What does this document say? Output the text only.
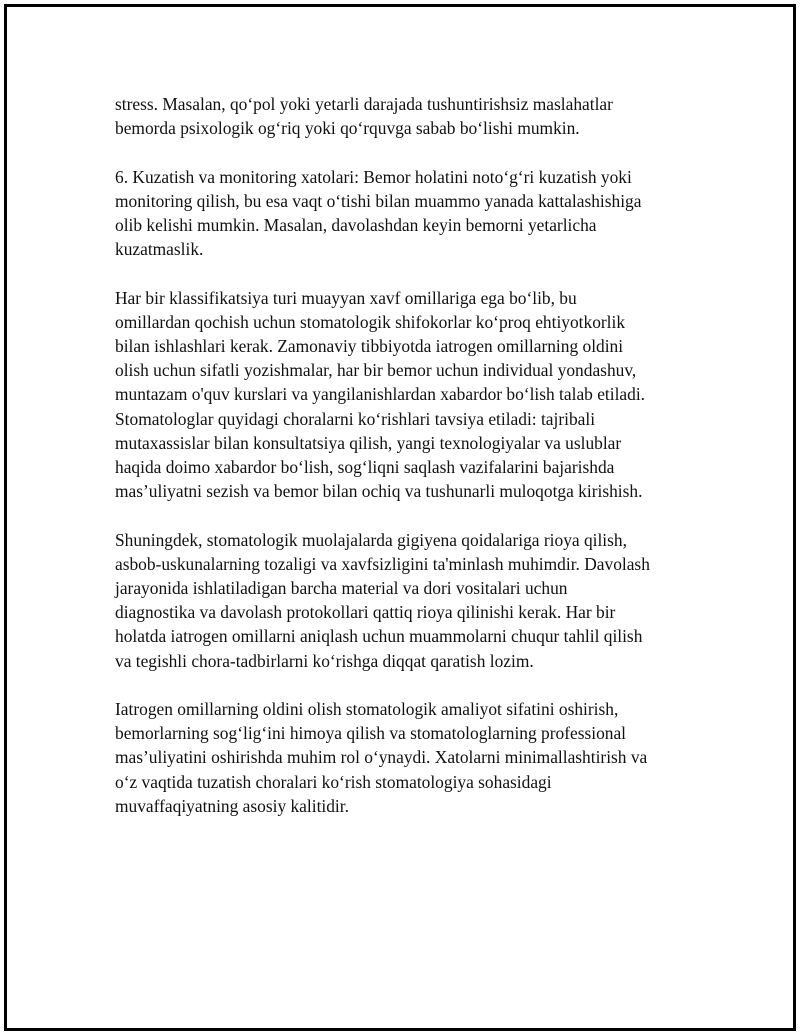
stress. Masalan, qo‘pol yoki yetarli darajada tushuntirishsiz maslahatlar
bemorda psixologik og‘riq yoki qo‘rquvga sabab bo‘lishi mumkin.

6. Kuzatish va monitoring xatolari: Bemor holatini noto‘g‘ri kuzatish yoki
monitoring qilish, bu esa vaqt o‘tishi bilan muammo yanada kattalashishiga
olib kelishi mumkin. Masalan, davolashdan keyin bemorni yetarlicha
kuzatmaslik.

Har bir klassifikatsiya turi muayyan xavf omillariga ega bo‘lib, bu
omillardan qochish uchun stomatologik shifokorlar ko‘proq ehtiyotkorlik
bilan ishlashlari kerak. Zamonaviy tibbiyotda iatrogen omillarning oldini
olish uchun sifatli yozishmalar, har bir bemor uchun individual yondashuv,
muntazam o'quv kurslari va yangilanishlardan xabardor bo‘lish talab etiladi.
Stomatologlar quyidagi choralarni ko‘rishlari tavsiya etiladi: tajribali
mutaxassislar bilan konsultatsiya qilish, yangi texnologiyalar va uslublar
haqida doimo xabardor bo‘lish, sog‘liqni saqlash vazifalarini bajarishda
mas’uliyatni sezish va bemor bilan ochiq va tushunarli muloqotga kirishish.

Shuningdek, stomatologik muolajalarda gigiyena qoidalariga rioya qilish,
asbob-uskunalarning tozaligi va xavfsizligini ta'minlash muhimdir. Davolash
jarayonida ishlatiladigan barcha material va dori vositalari uchun
diagnostika va davolash protokollari qattiq rioya qilinishi kerak. Har bir
holatda iatrogen omillarni aniqlash uchun muammolarni chuqur tahlil qilish
va tegishli chora-tadbirlarni ko‘rishga diqqat qaratish lozim.

Iatrogen omillarning oldini olish stomatologik amaliyot sifatini oshirish,
bemorlarning sog‘lig‘ini himoya qilish va stomatologlarning professional
mas’uliyatini oshirishda muhim rol o‘ynaydi. Xatolarni minimallashtirish va
o‘z vaqtida tuzatish choralari ko‘rish stomatologiya sohasidagi
muvaffaqiyatning asosiy kalitidir.
